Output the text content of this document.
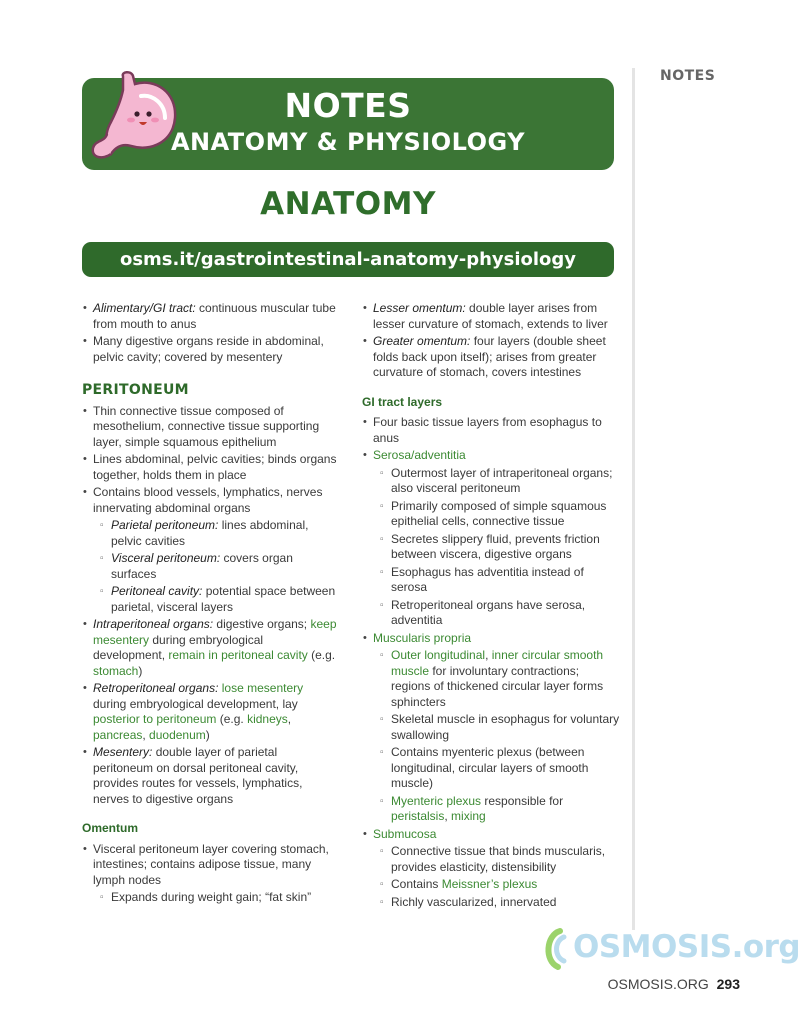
NOTES
NOTES
ANATOMY & PHYSIOLOGY
ANATOMY
osms.it/gastrointestinal-anatomy-physiology
• Alimentary/GI tract: continuous muscular tube from mouth to anus
• Many digestive organs reside in abdominal, pelvic cavity; covered by mesentery
PERITONEUM
• Thin connective tissue composed of mesothelium, connective tissue supporting layer, simple squamous epithelium
• Lines abdominal, pelvic cavities; binds organs together, holds them in place
• Contains blood vessels, lymphatics, nerves innervating abdominal organs
▫ Parietal peritoneum: lines abdominal, pelvic cavities
▫ Visceral peritoneum: covers organ surfaces
▫ Peritoneal cavity: potential space between parietal, visceral layers
• Intraperitoneal organs: digestive organs; keep mesentery during embryological development, remain in peritoneal cavity (e.g. stomach)
• Retroperitoneal organs: lose mesentery during embryological development, lay posterior to peritoneum (e.g. kidneys, pancreas, duodenum)
• Mesentery: double layer of parietal peritoneum on dorsal peritoneal cavity, provides routes for vessels, lymphatics, nerves to digestive organs
Omentum
• Visceral peritoneum layer covering stomach, intestines; contains adipose tissue, many lymph nodes
▫ Expands during weight gain; “fat skin”
• Lesser omentum: double layer arises from lesser curvature of stomach, extends to liver
• Greater omentum: four layers (double sheet folds back upon itself); arises from greater curvature of stomach, covers intestines
GI tract layers
• Four basic tissue layers from esophagus to anus
• Serosa/adventitia
▫ Outermost layer of intraperitoneal organs; also visceral peritoneum
▫ Primarily composed of simple squamous epithelial cells, connective tissue
▫ Secretes slippery fluid, prevents friction between viscera, digestive organs
▫ Esophagus has adventitia instead of serosa
▫ Retroperitoneal organs have serosa, adventitia
• Muscularis propria
▫ Outer longitudinal, inner circular smooth muscle for involuntary contractions; regions of thickened circular layer forms sphincters
▫ Skeletal muscle in esophagus for voluntary swallowing
▫ Contains myenteric plexus (between longitudinal, circular layers of smooth muscle)
▫ Myenteric plexus responsible for peristalsis, mixing
• Submucosa
▫ Connective tissue that binds muscularis, provides elasticity, distensibility
▫ Contains Meissner’s plexus
▫ Richly vascularized, innervated
OSMOSIS.org
OSMOSIS.ORG 293
